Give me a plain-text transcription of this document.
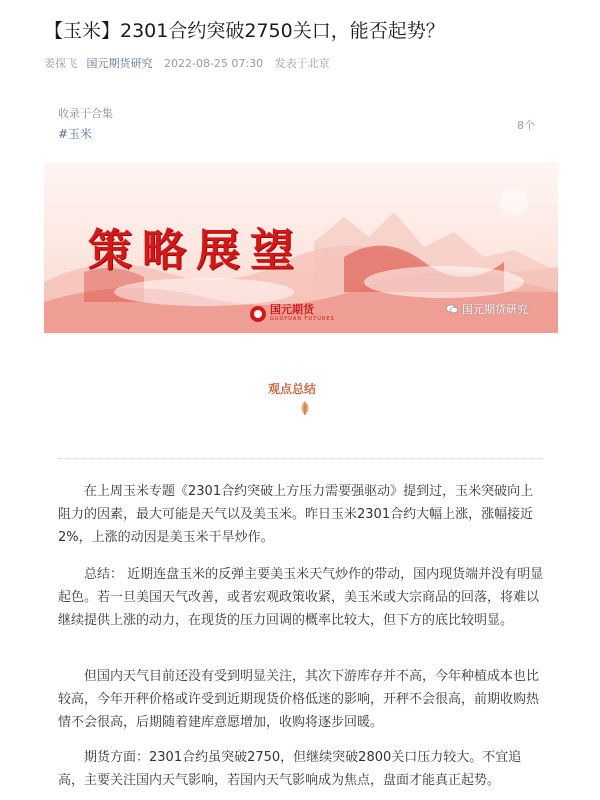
【玉米】2301合约突破2750关口，能否起势？
姜探飞 国元期货研究 2022-08-25 07:30 发表于北京
收录于合集
#玉米
8个
策略展望
国元期货
GUOYUAN FUTURES
国元期货研究
观点总结

在上周玉米专题《2301合约突破上方压力需要强驱动》提到过，玉米突破向上阻力的因素，最大可能是天气以及美玉米。昨日玉米2301合约大幅上涨，涨幅接近2%，上涨的动因是美玉米干旱炒作。

总结： 近期连盘玉米的反弹主要美玉米天气炒作的带动，国内现货端并没有明显起色。若一旦美国天气改善，或者宏观政策收紧，美玉米或大宗商品的回落，将难以继续提供上涨的动力，在现货的压力回调的概率比较大，但下方的底比较明显。

但国内天气目前还没有受到明显关注，其次下游库存并不高，今年种植成本也比较高，今年开秤价格或许受到近期现货价格低迷的影响，开秤不会很高，前期收购热情不会很高，后期随着建库意愿增加，收购将逐步回暖。

期货方面：2301合约虽突破2750，但继续突破2800关口压力较大。不宜追高，主要关注国内天气影响，若国内天气影响成为焦点，盘面才能真正起势。
